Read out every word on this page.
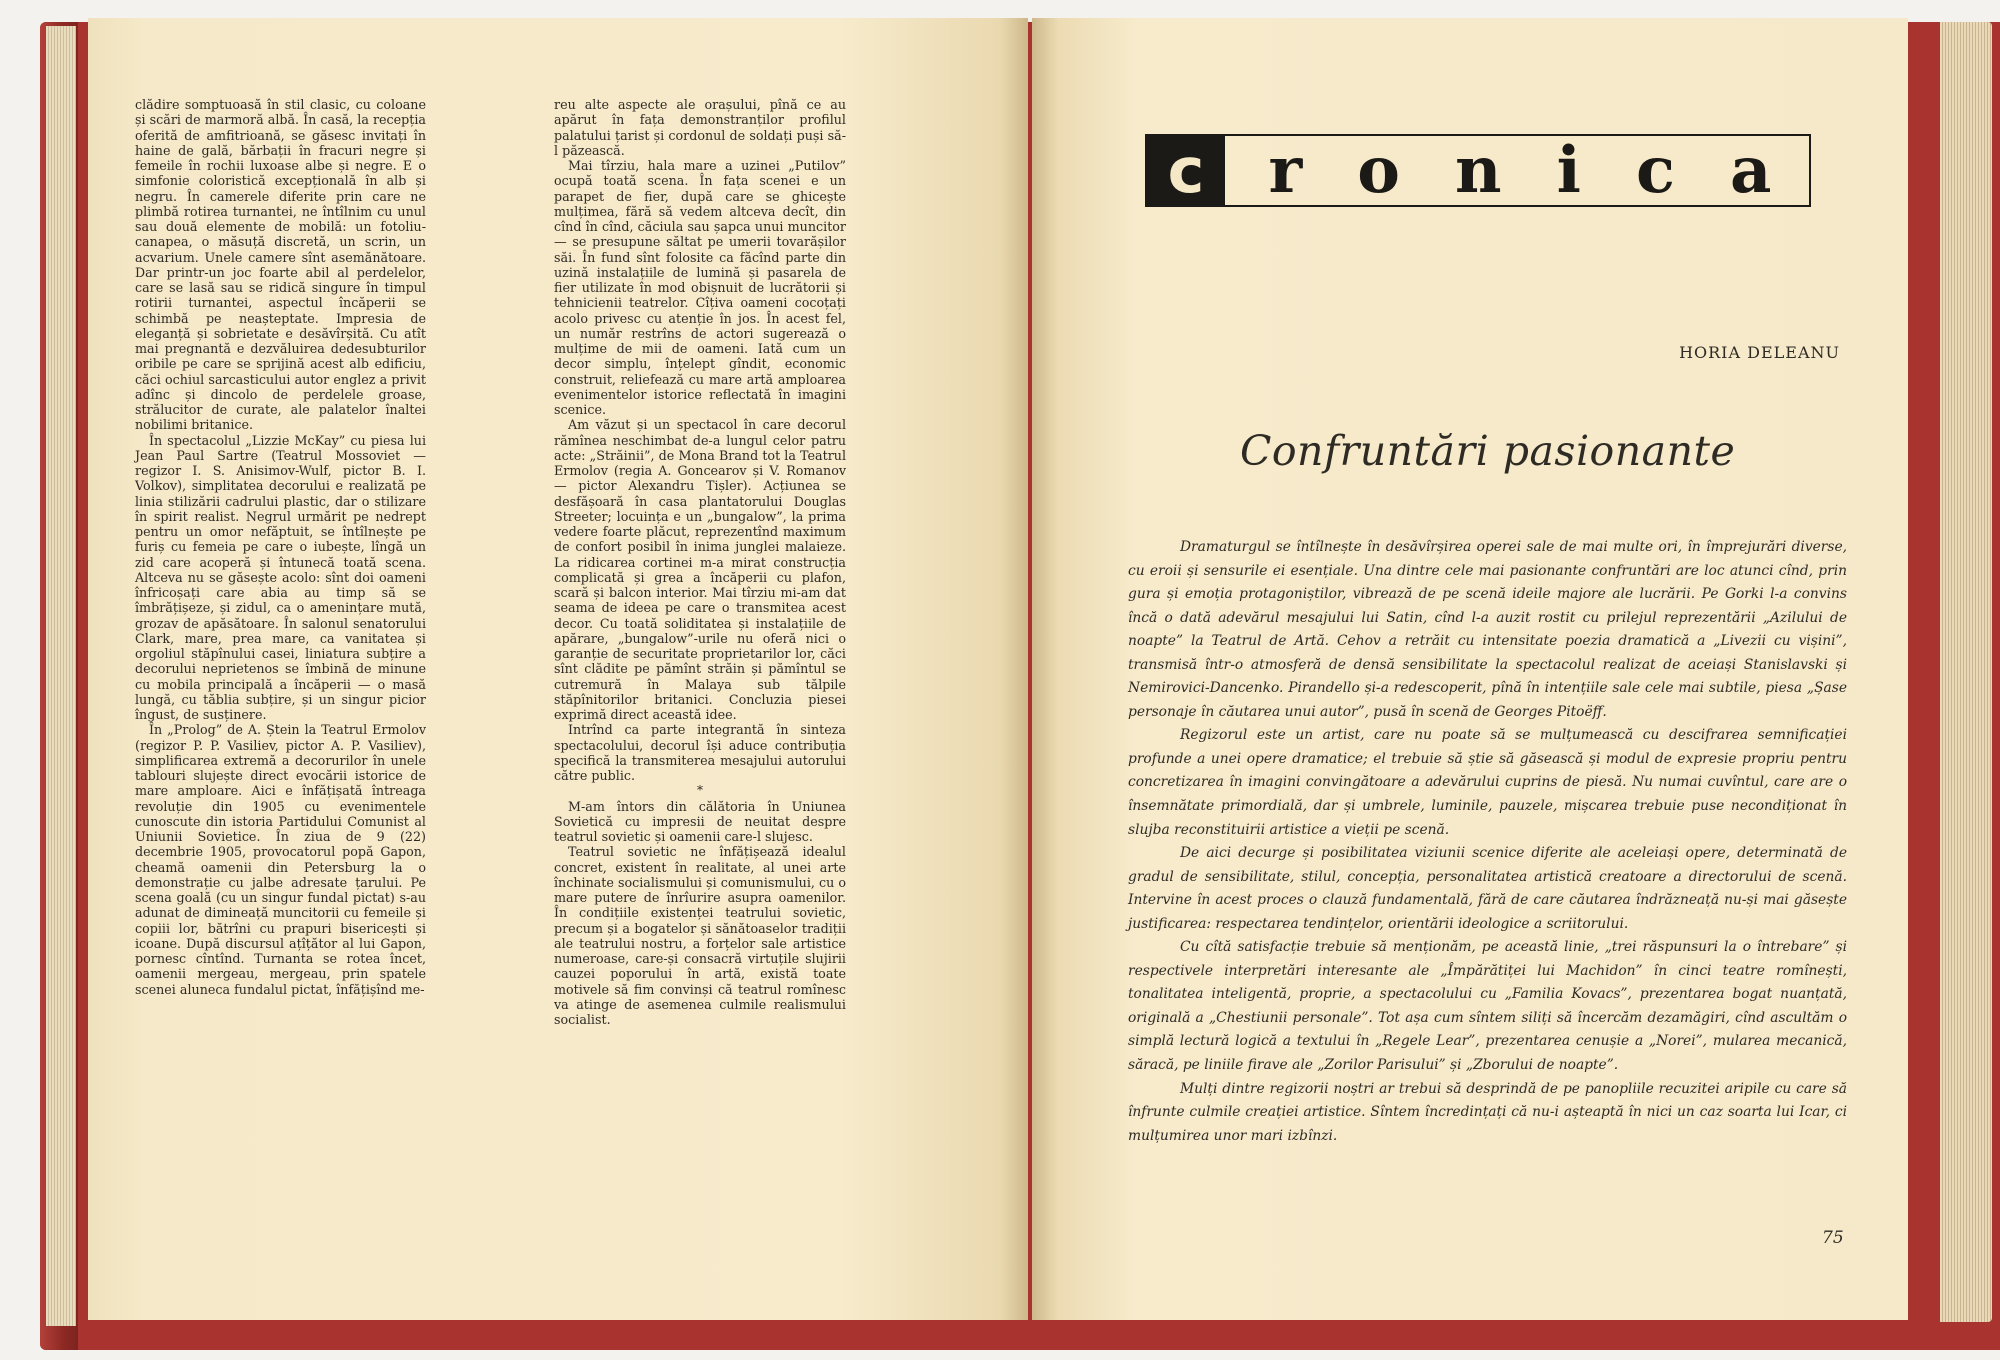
clădire somptuoasă în stil clasic, cu coloane și scări de marmoră albă. În casă, la recepția oferită de amfitrioană, se găsesc invitați în haine de gală, bărbații în fracuri negre și femeile în rochii luxoase albe și negre. E o simfonie coloristică excepțională în alb și negru. În camerele diferite prin care ne plimbă rotirea turnantei, ne întîlnim cu unul sau două elemente de mobilă: un fotoliu-canapea, o măsuță discretă, un scrin, un acvarium. Unele camere sînt asemănătoare. Dar printr-un joc foarte abil al perdelelor, care se lasă sau se ridică singure în timpul rotirii turnantei, aspectul încăperii se schimbă pe neașteptate. Impresia de eleganță și sobrietate e desăvîrșită. Cu atît mai pregnantă e dezvăluirea dedesubturilor oribile pe care se sprijină acest alb edificiu, căci ochiul sarcasticului autor englez a privit adînc și dincolo de perdelele groase, strălucitor de curate, ale palatelor înaltei nobilimi britanice.

În spectacolul „Lizzie McKay” cu piesa lui Jean Paul Sartre (Teatrul Mossoviet — regizor I. S. Anisimov-Wulf, pictor B. I. Volkov), simplitatea decorului e realizată pe linia stilizării cadrului plastic, dar o stilizare în spirit realist. Negrul urmărit pe nedrept pentru un omor nefăptuit, se întîlnește pe furiș cu femeia pe care o iubește, lîngă un zid care acoperă și întunecă toată scena. Altceva nu se găsește acolo: sînt doi oameni înfricoșați care abia au timp să se îmbrățișeze, și zidul, ca o amenințare mută, grozav de apăsătoare. În salonul senatorului Clark, mare, prea mare, ca vanitatea și orgoliul stăpînului casei, liniatura subțire a decorului neprietenos se îmbină de minune cu mobila principală a încăperii — o masă lungă, cu tăblia subțire, și un singur picior îngust, de susținere.

În „Prolog” de A. Ștein la Teatrul Ermolov (regizor P. P. Vasiliev, pictor A. P. Vasiliev), simplificarea extremă a decorurilor în unele tablouri slujește direct evocării istorice de mare amploare. Aici e înfățișată întreaga revoluție din 1905 cu evenimentele cunoscute din istoria Partidului Comunist al Uniunii Sovietice. În ziua de 9 (22) decembrie 1905, provocatorul popă Gapon, cheamă oamenii din Petersburg la o demonstrație cu jalbe adresate țarului. Pe scena goală (cu un singur fundal pictat) s-au adunat de dimineață muncitorii cu femeile și copiii lor, bătrîni cu prapuri bisericești și icoane. După discursul ațîțător al lui Gapon, pornesc cîntînd. Turnanta se rotea încet, oamenii mergeau, mergeau, prin spatele scenei aluneca fundalul pictat, înfățișînd me-

reu alte aspecte ale orașului, pînă ce au apărut în fața demonstranților profilul palatului țarist și cordonul de soldați puși să-l păzească.

Mai tîrziu, hala mare a uzinei „Putilov” ocupă toată scena. În fața scenei e un parapet de fier, după care se ghicește mulțimea, fără să vedem altceva decît, din cînd în cînd, căciula sau șapca unui muncitor — se presupune săltat pe umerii tovarășilor săi. În fund sînt folosite ca făcînd parte din uzină instalațiile de lumină și pasarela de fier utilizate în mod obișnuit de lucrătorii și tehnicienii teatrelor. Cîțiva oameni cocoțați acolo privesc cu atenție în jos. În acest fel, un număr restrîns de actori sugerează o mulțime de mii de oameni. Iată cum un decor simplu, înțelept gîndit, economic construit, reliefează cu mare artă amploarea evenimentelor istorice reflectată în imagini scenice.

Am văzut și un spectacol în care decorul rămînea neschimbat de-a lungul celor patru acte: „Străinii”, de Mona Brand tot la Teatrul Ermolov (regia A. Goncearov și V. Romanov — pictor Alexandru Tișler). Acțiunea se desfășoară în casa plantatorului Douglas Streeter; locuința e un „bungalow”, la prima vedere foarte plăcut, reprezentînd maximum de confort posibil în inima junglei malaieze. La ridicarea cortinei m-a mirat construcția complicată și grea a încăperii cu plafon, scară și balcon interior. Mai tîrziu mi-am dat seama de ideea pe care o transmitea acest decor. Cu toată soliditatea și instalațiile de apărare, „bungalow”-urile nu oferă nici o garanție de securitate proprietarilor lor, căci sînt clădite pe pămînt străin și pămîntul se cutremură în Malaya sub tălpile stăpînitorilor britanici. Concluzia piesei exprimă direct această idee.

Intrînd ca parte integrantă în sinteza spectacolului, decorul își aduce contribuția specifică la transmiterea mesajului autorului către public.

*

M-am întors din călătoria în Uniunea Sovietică cu impresii de neuitat despre teatrul sovietic și oamenii care-l slujesc.

Teatrul sovietic ne înfățișează idealul concret, existent în realitate, al unei arte închinate socialismului și comunismului, cu o mare putere de înrîurire asupra oamenilor. În condițiile existenței teatrului sovietic, precum și a bogatelor și sănătoaselor tradiții ale teatrului nostru, a forțelor sale artistice numeroase, care-și consacră virtuțile slujirii cauzei poporului în artă, există toate motivele să fim convinși că teatrul romînesc va atinge de asemenea culmile realismului socialist.

c r o n i c a
HORIA DELEANU
Confruntări pasionante

Dramaturgul se întîlnește în desăvîrșirea operei sale de mai multe ori, în împrejurări diverse, cu eroii și sensurile ei esențiale. Una dintre cele mai pasionante confruntări are loc atunci cînd, prin gura și emoția protagoniștilor, vibrează de pe scenă ideile majore ale lucrării. Pe Gorki l-a convins încă o dată adevărul mesajului lui Satin, cînd l-a auzit rostit cu prilejul reprezentării „Azilului de noapte” la Teatrul de Artă. Cehov a retrăit cu intensitate poezia dramatică a „Livezii cu vișini”, transmisă într-o atmosferă de densă sensibilitate la spectacolul realizat de aceiași Stanislavski și Nemirovici-Dancenko. Pirandello și-a redescoperit, pînă în intențiile sale cele mai subtile, piesa „Șase personaje în căutarea unui autor”, pusă în scenă de Georges Pitoëff.

Regizorul este un artist, care nu poate să se mulțumească cu descifrarea semnificației profunde a unei opere dramatice; el trebuie să știe să găsească și modul de expresie propriu pentru concretizarea în imagini convingătoare a adevărului cuprins de piesă. Nu numai cuvîntul, care are o însemnătate primordială, dar și umbrele, luminile, pauzele, mișcarea trebuie puse necondiționat în slujba reconstituirii artistice a vieții pe scenă.

De aici decurge și posibilitatea viziunii scenice diferite ale aceleiași opere, determinată de gradul de sensibilitate, stilul, concepția, personalitatea artistică creatoare a directorului de scenă. Intervine în acest proces o clauză fundamentală, fără de care căutarea îndrăzneață nu-și mai găsește justificarea: respectarea tendințelor, orientării ideologice a scriitorului.

Cu cîtă satisfacție trebuie să menționăm, pe această linie, „trei răspunsuri la o întrebare” și respectivele interpretări interesante ale „Împărătiței lui Machidon” în cinci teatre romînești, tonalitatea inteligentă, proprie, a spectacolului cu „Familia Kovacs”, prezentarea bogat nuanțată, originală a „Chestiunii personale”. Tot așa cum sîntem siliți să încercăm dezamăgiri, cînd ascultăm o simplă lectură logică a textului în „Regele Lear”, prezentarea cenușie a „Norei”, mularea mecanică, săracă, pe liniile firave ale „Zorilor Parisului” și „Zborului de noapte”.

Mulți dintre regizorii noștri ar trebui să desprindă de pe panopliile recuzitei aripile cu care să înfrunte culmile creației artistice. Sîntem încredințați că nu-i așteaptă în nici un caz soarta lui Icar, ci mulțumirea unor mari izbînzi.

75
